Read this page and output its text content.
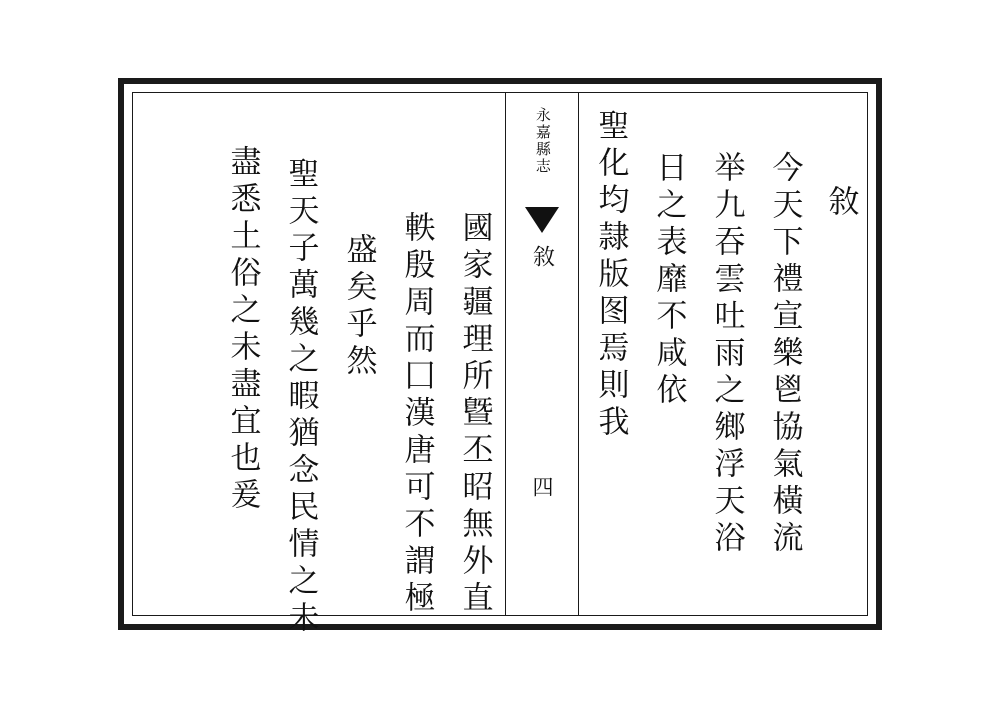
敘
今天下禮宣樂鬯協氣橫流
举九吞雲吐雨之鄉浮天浴
日之表靡不咸依
聖化均隷版图焉則我
永嘉縣志
敘
四
國家疆理所曁丕昭無外直
軼殷周而囗漢唐可不謂極
盛矣乎然
聖天子萬幾之暇猶念民情之未
盡悉土俗之未盡宜也爰
